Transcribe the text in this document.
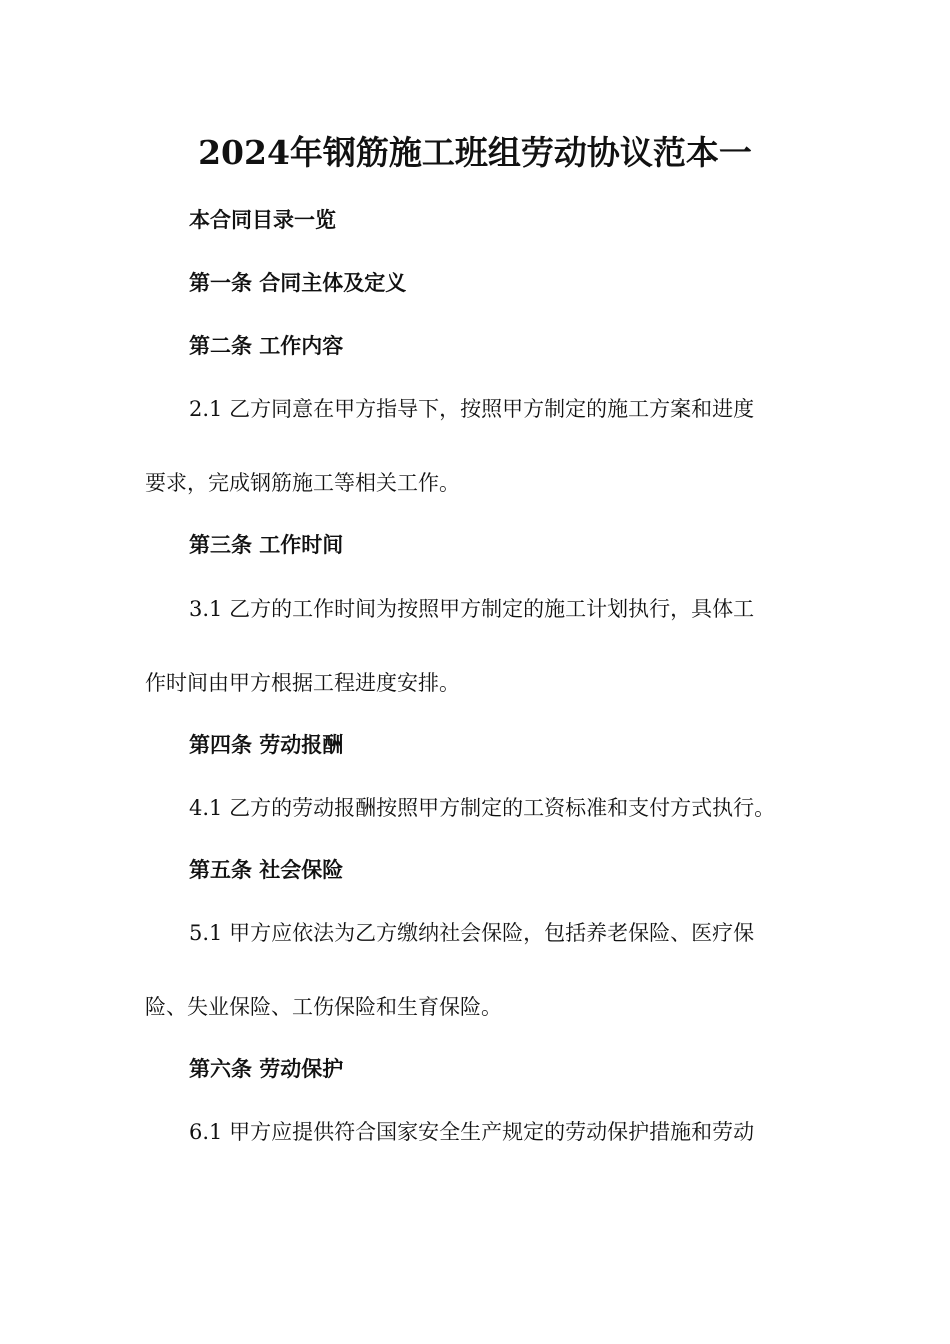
2024年钢筋施工班组劳动协议范本一

本合同目录一览

第一条 合同主体及定义

第二条 工作内容

2.1 乙方同意在甲方指导下，按照甲方制定的施工方案和进度

要求，完成钢筋施工等相关工作。

第三条 工作时间

3.1 乙方的工作时间为按照甲方制定的施工计划执行，具体工

作时间由甲方根据工程进度安排。

第四条 劳动报酬

4.1 乙方的劳动报酬按照甲方制定的工资标准和支付方式执行。

第五条 社会保险

5.1 甲方应依法为乙方缴纳社会保险，包括养老保险、医疗保

险、失业保险、工伤保险和生育保险。

第六条 劳动保护

6.1 甲方应提供符合国家安全生产规定的劳动保护措施和劳动
